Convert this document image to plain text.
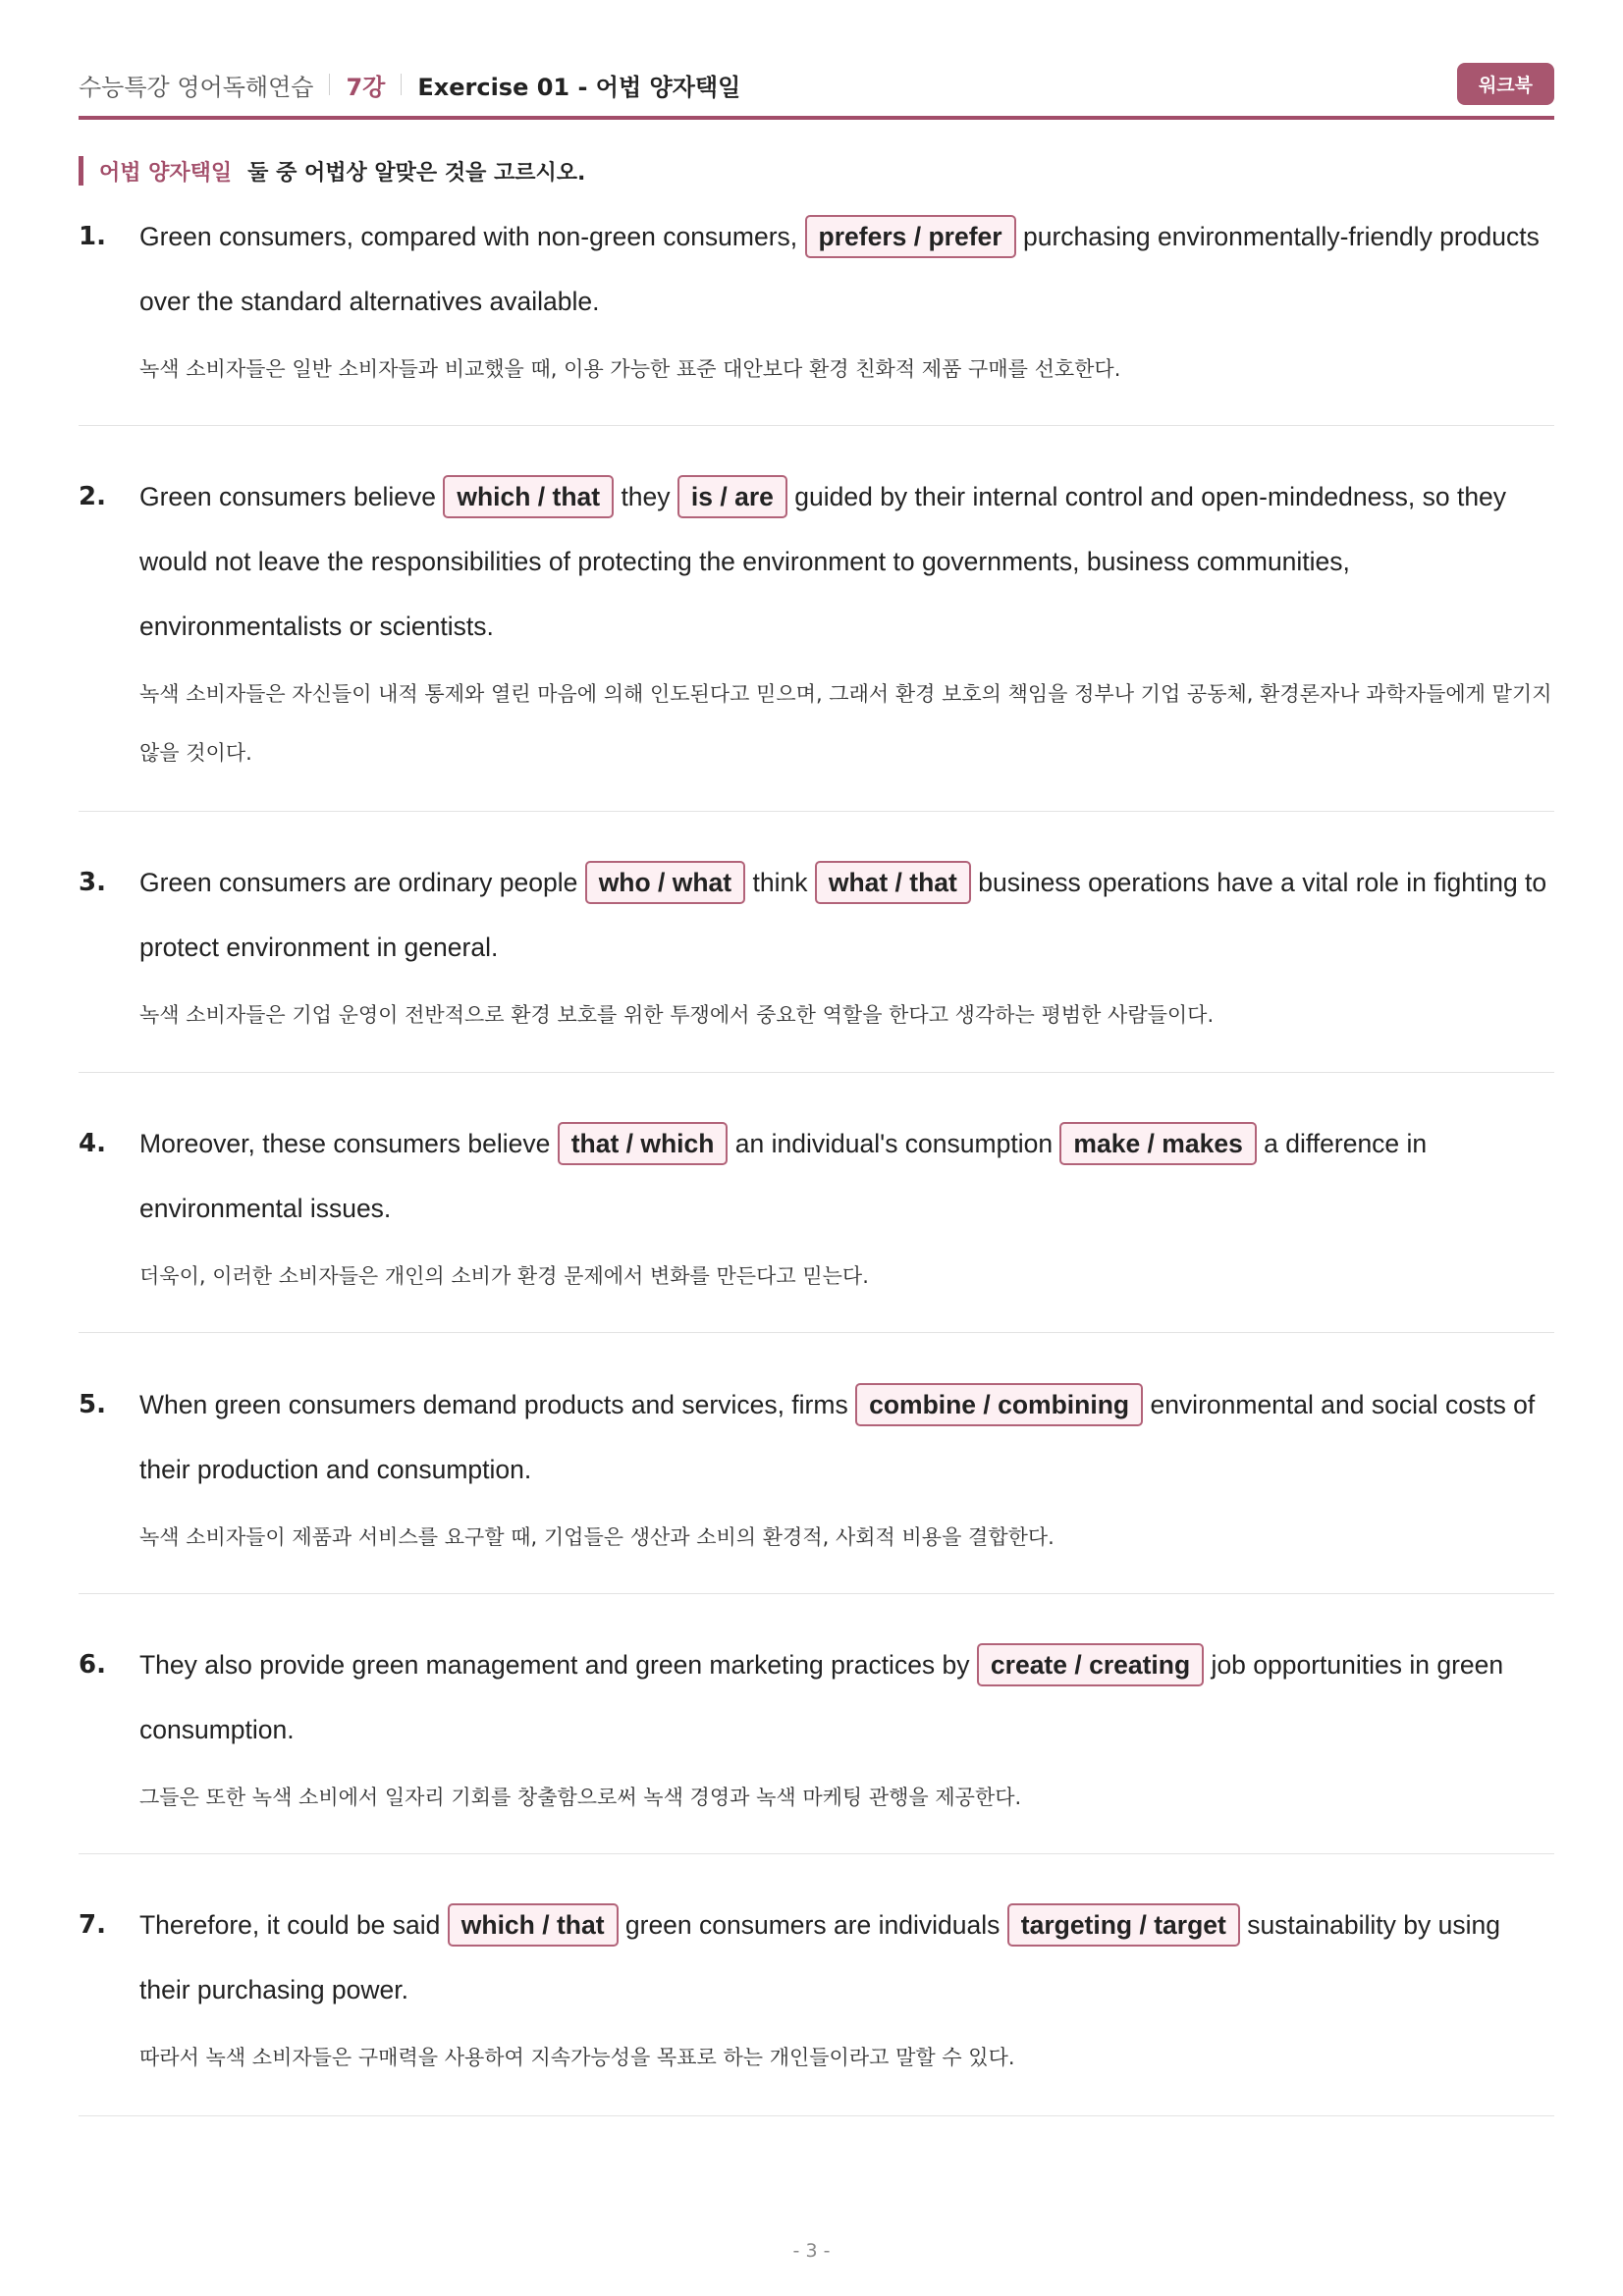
수능특강 영어독해연습 7강 Exercise 01 - 어법 양자택일	워크북
어법 양자택일 둘 중 어법상 알맞은 것을 고르시오.
1. Green consumers, compared with non-green consumers, prefers / prefer purchasing environmentally-friendly products over the standard alternatives available.
녹색 소비자들은 일반 소비자들과 비교했을 때, 이용 가능한 표준 대안보다 환경 친화적 제품 구매를 선호한다.
2. Green consumers believe which / that they is / are guided by their internal control and open-mindedness, so they would not leave the responsibilities of protecting the environment to governments, business communities, environmentalists or scientists.
녹색 소비자들은 자신들이 내적 통제와 열린 마음에 의해 인도된다고 믿으며, 그래서 환경 보호의 책임을 정부나 기업 공동체, 환경론자나 과학자들에게 맡기지 않을 것이다.
3. Green consumers are ordinary people who / what think what / that business operations have a vital role in fighting to protect environment in general.
녹색 소비자들은 기업 운영이 전반적으로 환경 보호를 위한 투쟁에서 중요한 역할을 한다고 생각하는 평범한 사람들이다.
4. Moreover, these consumers believe that / which an individual's consumption make / makes a difference in environmental issues.
더욱이, 이러한 소비자들은 개인의 소비가 환경 문제에서 변화를 만든다고 믿는다.
5. When green consumers demand products and services, firms combine / combining environmental and social costs of their production and consumption.
녹색 소비자들이 제품과 서비스를 요구할 때, 기업들은 생산과 소비의 환경적, 사회적 비용을 결합한다.
6. They also provide green management and green marketing practices by create / creating job opportunities in green consumption.
그들은 또한 녹색 소비에서 일자리 기회를 창출함으로써 녹색 경영과 녹색 마케팅 관행을 제공한다.
7. Therefore, it could be said which / that green consumers are individuals targeting / target sustainability by using their purchasing power.
따라서 녹색 소비자들은 구매력을 사용하여 지속가능성을 목표로 하는 개인들이라고 말할 수 있다.
- 3 -
